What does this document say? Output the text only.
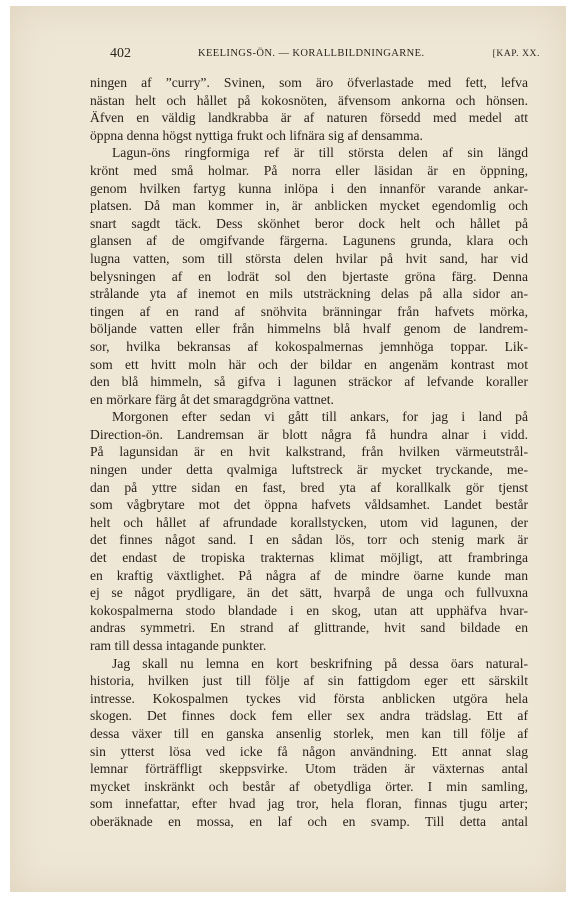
402	KEELINGS-ÖN. — KORALLBILDNINGARNE.	[KAP. XX.
ningen af ”curry”. Svinen, som äro öfverlastade med fett, lefva
nästan helt och hållet på kokosnöten, äfvensom ankorna och hönsen.
Äfven en väldig landkrabba är af naturen försedd med medel att
öppna denna högst nyttiga frukt och lifnära sig af densamma.
Lagun-öns ringformiga ref är till största delen af sin längd
krönt med små holmar. På norra eller läsidan är en öppning,
genom hvilken fartyg kunna inlöpa i den innanför varande ankar-
platsen. Då man kommer in, är anblicken mycket egendomlig och
snart sagdt täck. Dess skönhet beror dock helt och hållet på
glansen af de omgifvande färgerna. Lagunens grunda, klara och
lugna vatten, som till största delen hvilar på hvit sand, har vid
belysningen af en lodrät sol den bjertaste gröna färg. Denna
strålande yta af inemot en mils utsträckning delas på alla sidor an-
tingen af en rand af snöhvita bränningar från hafvets mörka,
böljande vatten eller från himmelns blå hvalf genom de landrem-
sor, hvilka bekransas af kokospalmernas jemnhöga toppar. Lik-
som ett hvitt moln här och der bildar en angenäm kontrast mot
den blå himmeln, så gifva i lagunen sträckor af lefvande koraller
en mörkare färg åt det smaragdgröna vattnet.
Morgonen efter sedan vi gått till ankars, for jag i land på
Direction-ön. Landremsan är blott några få hundra alnar i vidd.
På lagunsidan är en hvit kalkstrand, från hvilken värmeutstrål-
ningen under detta qvalmiga luftstreck är mycket tryckande, me-
dan på yttre sidan en fast, bred yta af korallkalk gör tjenst
som vågbrytare mot det öppna hafvets våldsamhet. Landet består
helt och hållet af afrundade korallstycken, utom vid lagunen, der
det finnes något sand. I en sådan lös, torr och stenig mark är
det endast de tropiska trakternas klimat möjligt, att frambringa
en kraftig växtlighet. På några af de mindre öarne kunde man
ej se något prydligare, än det sätt, hvarpå de unga och fullvuxna
kokospalmerna stodo blandade i en skog, utan att upphäfva hvar-
andras symmetri. En strand af glittrande, hvit sand bildade en
ram till dessa intagande punkter.
Jag skall nu lemna en kort beskrifning på dessa öars natural-
historia, hvilken just till följe af sin fattigdom eger ett särskilt
intresse. Kokospalmen tyckes vid första anblicken utgöra hela
skogen. Det finnes dock fem eller sex andra trädslag. Ett af
dessa växer till en ganska ansenlig storlek, men kan till följe af
sin ytterst lösa ved icke få någon användning. Ett annat slag
lemnar förträffligt skeppsvirke. Utom träden är växternas antal
mycket inskränkt och består af obetydliga örter. I min samling,
som innefattar, efter hvad jag tror, hela floran, finnas tjugu arter;
oberäknade en mossa, en laf och en svamp. Till detta antal
